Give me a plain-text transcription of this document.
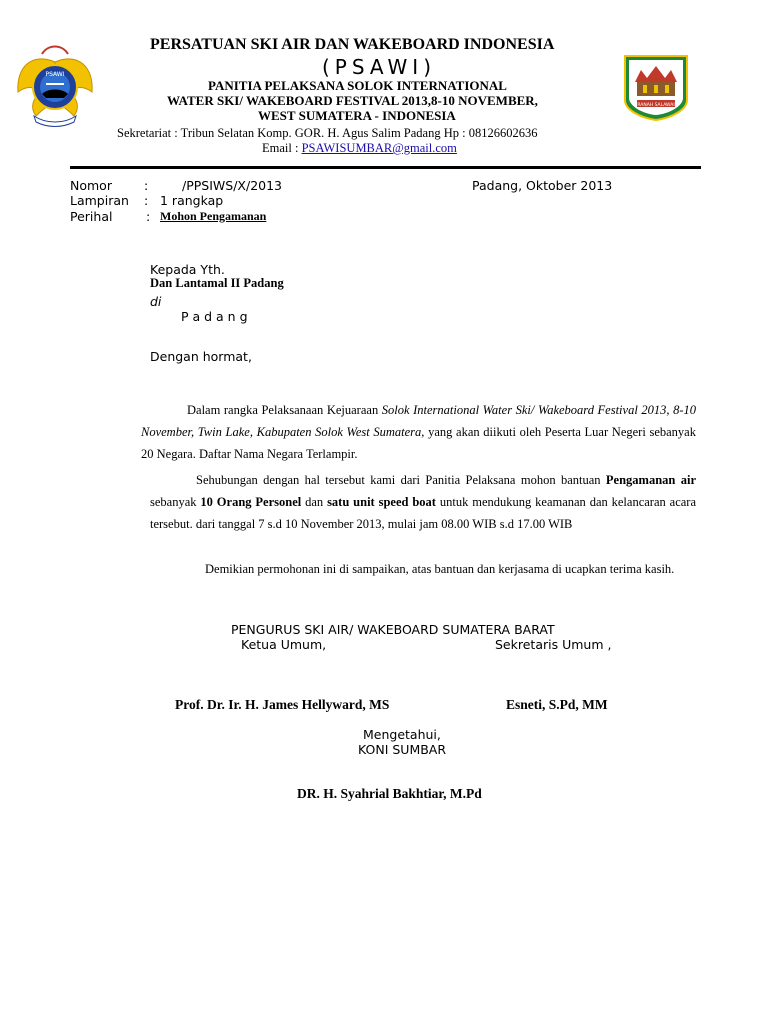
PSAWI
RANAH SALAWAI
PERSATUAN SKI AIR DAN WAKEBOARD INDONESIA
(PSAWI)
PANITIA PELAKSANA SOLOK INTERNATIONAL
WATER SKI/ WAKEBOARD FESTIVAL 2013,8-10 NOVEMBER,
WEST SUMATERA - INDONESIA
Sekretariat : Tribun Selatan Komp. GOR. H. Agus Salim Padang Hp : 08126602636
Email : PSAWISUMBAR@gmail.com
Nomor	:	/PPSIWS/X/2013	Padang, Oktober 2013
Lampiran : 1 rangkap
Perihal	: Mohon Pengamanan
Kepada Yth.
Dan Lantamal II Padang
di
P a d a n g
Dengan hormat,
Dalam rangka Pelaksanaan Kejuaraan Solok International Water Ski/ Wakeboard Festival 2013, 8-10 November, Twin Lake, Kabupaten Solok West Sumatera, yang akan diikuti oleh Peserta Luar Negeri sebanyak 20 Negara. Daftar Nama Negara Terlampir.
Sehubungan dengan hal tersebut kami dari Panitia Pelaksana mohon bantuan Pengamanan air sebanyak 10 Orang Personel dan satu unit speed boat untuk mendukung keamanan dan kelancaran acara tersebut. dari tanggal 7 s.d 10 November 2013, mulai jam 08.00 WIB s.d 17.00 WIB
Demikian permohonan ini di sampaikan, atas bantuan dan kerjasama di ucapkan terima kasih.
PENGURUS SKI AIR/ WAKEBOARD SUMATERA BARAT
Ketua Umum,	Sekretaris Umum ,
Prof. Dr. Ir. H. James Hellyward, MS	Esneti, S.Pd, MM
Mengetahui,
KONI SUMBAR
DR. H. Syahrial Bakhtiar, M.Pd
